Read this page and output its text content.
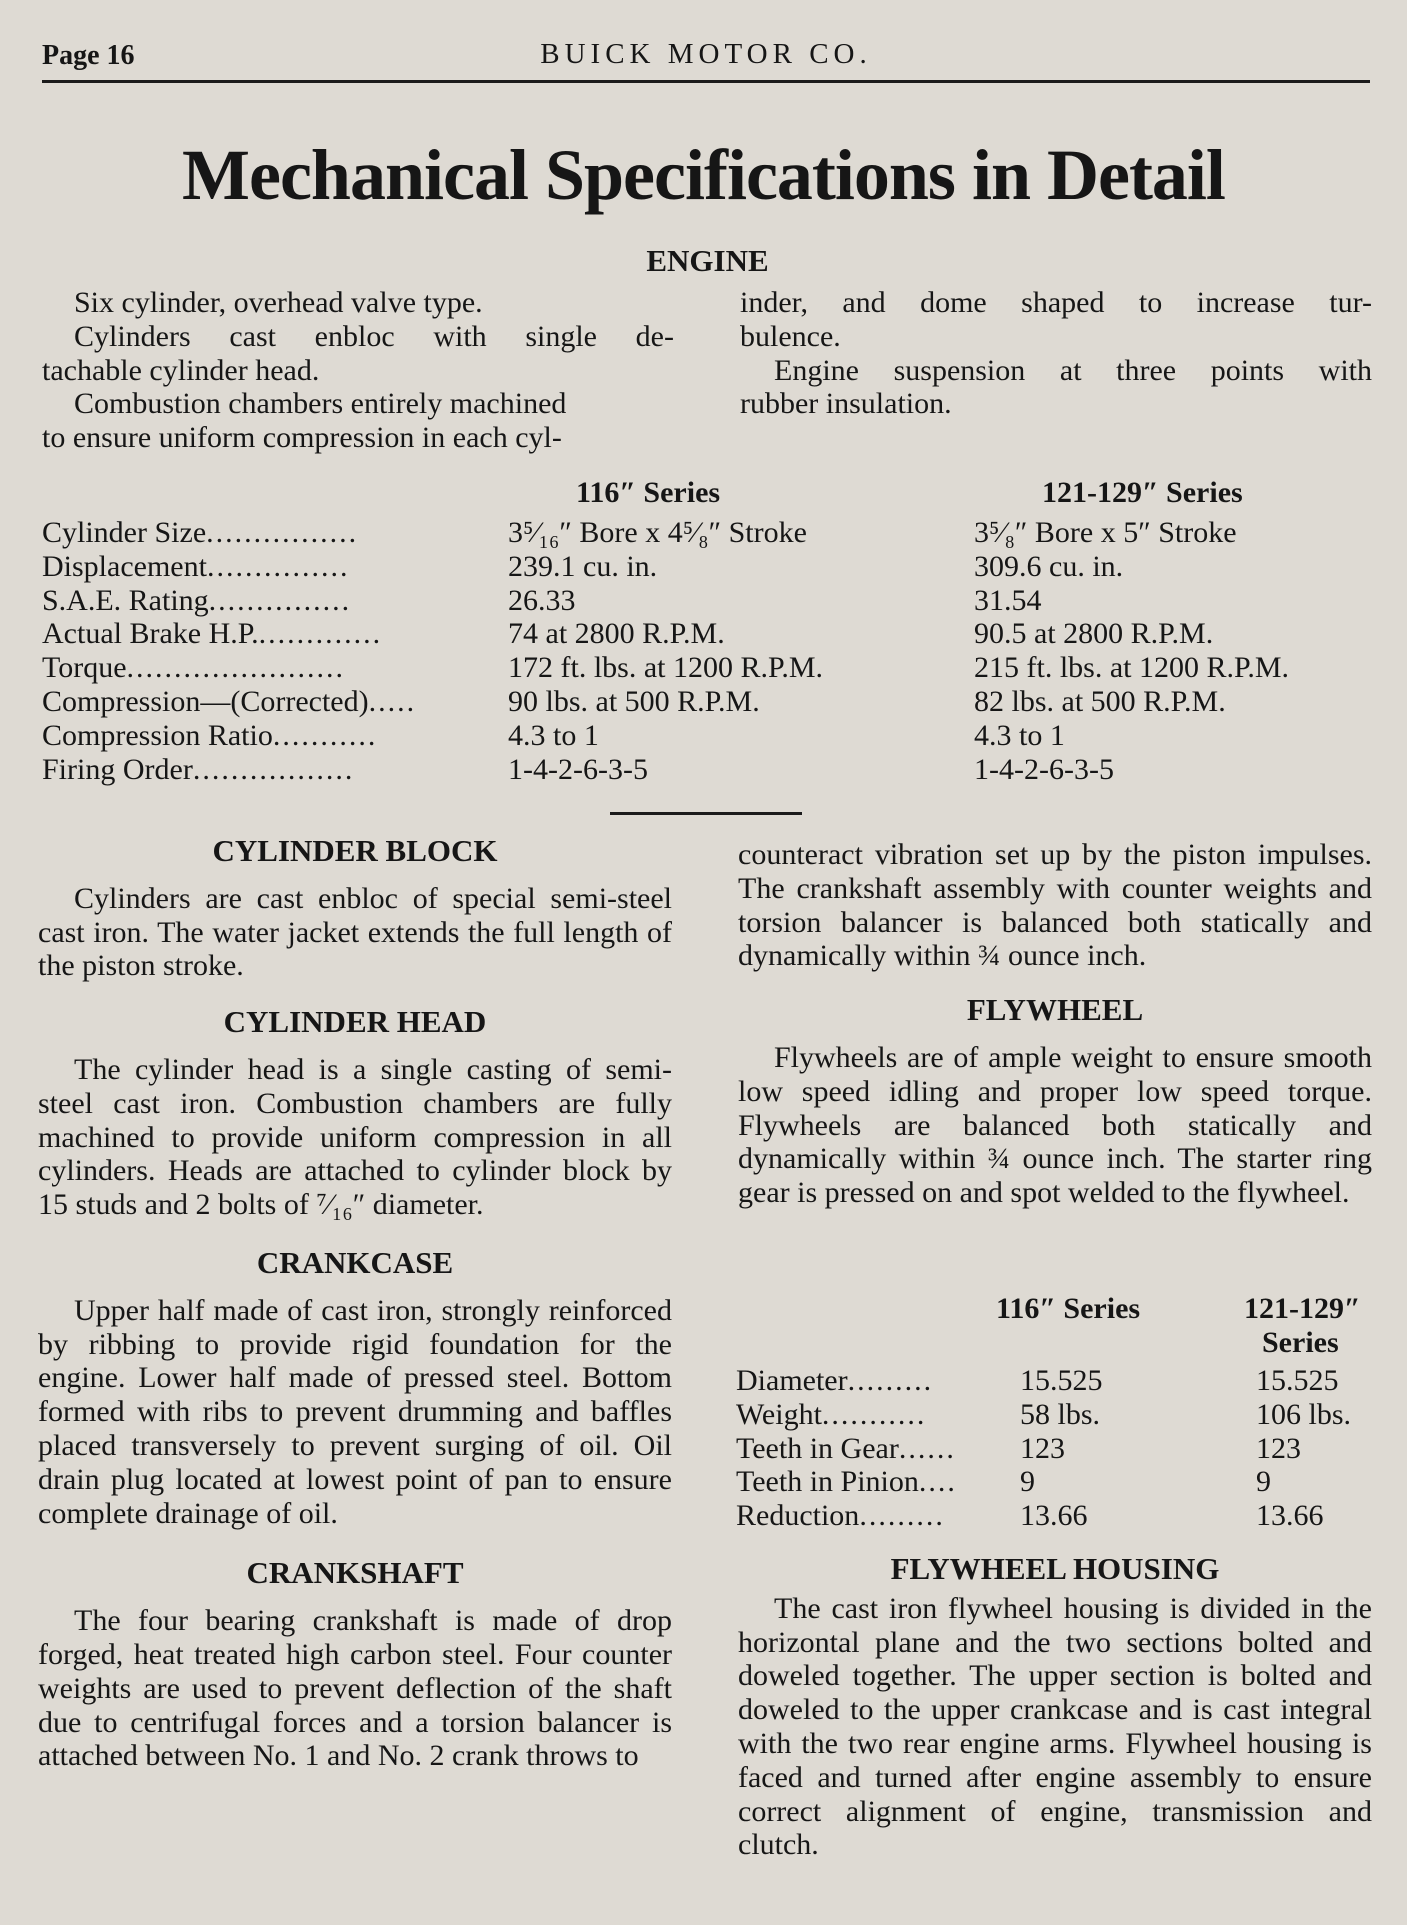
Page 16	BUICK MOTOR CO.
Mechanical Specifications in Detail
ENGINE
Six cylinder, overhead valve type.
Cylinders cast enbloc with single de-
tachable cylinder head.
Combustion chambers entirely machined
to ensure uniform compression in each cyl-
inder, and dome shaped to increase tur-
bulence.
Engine suspension at three points with
rubber insulation.
116″ Series	121-129″ Series
Cylinder Size................	3⁵⁄₁₆″ Bore x 4⁵⁄₈″ Stroke	3⁵⁄₈″ Bore x 5″ Stroke
Displacement...............	239.1 cu. in.	309.6 cu. in.
S.A.E. Rating...............	26.33	31.54
Actual Brake H.P..............	74 at 2800 R.P.M.	90.5 at 2800 R.P.M.
Torque.......................	172 ft. lbs. at 1200 R.P.M.	215 ft. lbs. at 1200 R.P.M.
Compression—(Corrected).....	90 lbs. at 500 R.P.M.	82 lbs. at 500 R.P.M.
Compression Ratio...........	4.3 to 1	4.3 to 1
Firing Order.................	1-4-2-6-3-5	1-4-2-6-3-5
CYLINDER BLOCK

Cylinders are cast enbloc of special semi-steel cast iron. The water jacket extends the full length of the piston stroke.

CYLINDER HEAD

The cylinder head is a single casting of semi-steel cast iron. Combustion chambers are fully machined to provide uniform compression in all cylinders. Heads are attached to cylinder block by 15 studs and 2 bolts of ⁷⁄₁₆″ diameter.

CRANKCASE

Upper half made of cast iron, strongly reinforced by ribbing to provide rigid foundation for the engine. Lower half made of pressed steel. Bottom formed with ribs to prevent drumming and baffles placed transversely to prevent surging of oil. Oil drain plug located at lowest point of pan to ensure complete drainage of oil.

CRANKSHAFT

The four bearing crankshaft is made of drop forged, heat treated high carbon steel. Four counter weights are used to prevent deflection of the shaft due to centrifugal forces and a torsion balancer is attached between No. 1 and No. 2 crank throws to

counteract vibration set up by the piston impulses. The crankshaft assembly with counter weights and torsion balancer is balanced both statically and dynamically within ¾ ounce inch.

FLYWHEEL

Flywheels are of ample weight to ensure smooth low speed idling and proper low speed torque. Flywheels are balanced both statically and dynamically within ¾ ounce inch. The starter ring gear is pressed on and spot welded to the flywheel.

116″ Series	121-129″
Series
Diameter.........	15.525	15.525
Weight...........	58 lbs.	106 lbs.
Teeth in Gear...... 123	123
Teeth in Pinion.... 9	9
Reduction.........	13.66	13.66
FLYWHEEL HOUSING

The cast iron flywheel housing is divided in the horizontal plane and the two sections bolted and doweled together. The upper section is bolted and doweled to the upper crankcase and is cast integral with the two rear engine arms. Flywheel housing is faced and turned after engine assembly to ensure correct alignment of engine, transmission and clutch.
